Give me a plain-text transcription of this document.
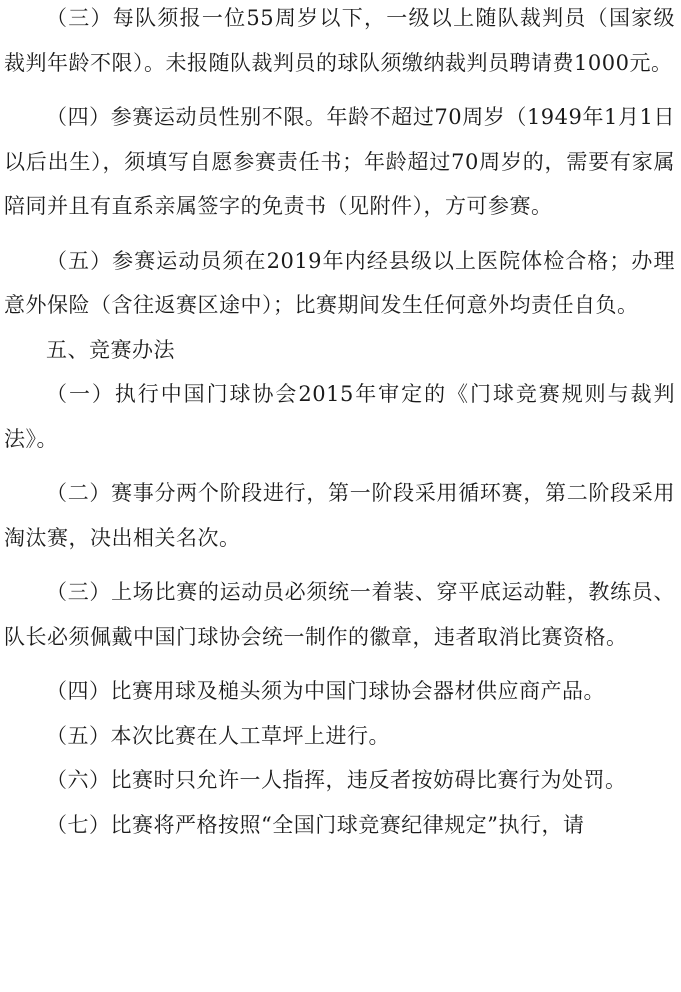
（三）每队须报一位55周岁以下，一级以上随队裁判员（国家级裁判年龄不限）。未报随队裁判员的球队须缴纳裁判员聘请费1000元。

（四）参赛运动员性别不限。年龄不超过70周岁（1949年1月1日以后出生），须填写自愿参赛责任书；年龄超过70周岁的，需要有家属陪同并且有直系亲属签字的免责书（见附件），方可参赛。

（五）参赛运动员须在2019年内经县级以上医院体检合格；办理意外保险（含往返赛区途中）；比赛期间发生任何意外均责任自负。

五、竞赛办法

（一）执行中国门球协会2015年审定的《门球竞赛规则与裁判法》。

（二）赛事分两个阶段进行，第一阶段采用循环赛，第二阶段采用淘汰赛，决出相关名次。

（三）上场比赛的运动员必须统一着装、穿平底运动鞋，教练员、队长必须佩戴中国门球协会统一制作的徽章，违者取消比赛资格。

（四）比赛用球及槌头须为中国门球协会器材供应商产品。

（五）本次比赛在人工草坪上进行。

（六）比赛时只允许一人指挥，违反者按妨碍比赛行为处罚。

（七）比赛将严格按照“全国门球竞赛纪律规定”执行，请
